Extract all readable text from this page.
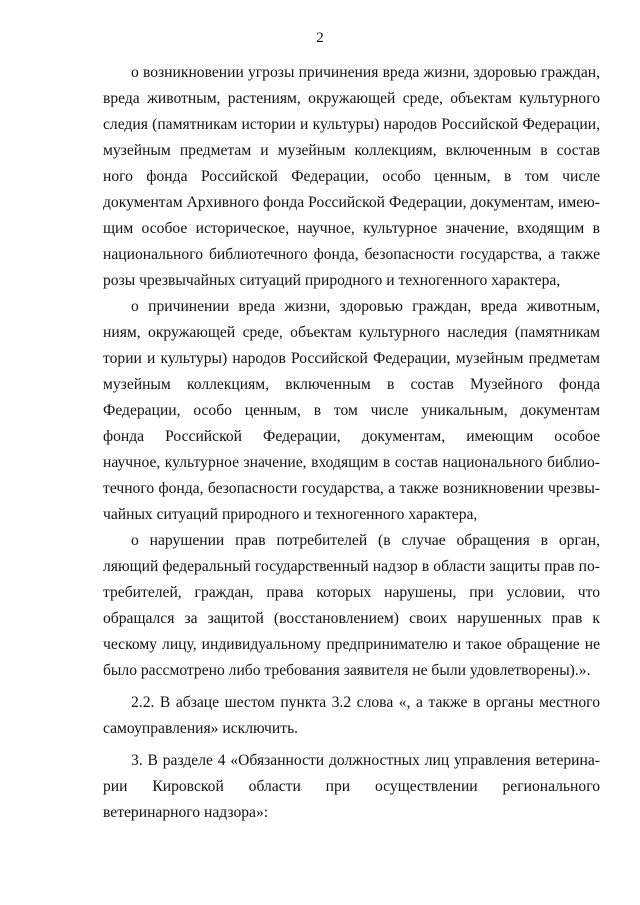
2
о возникновении угрозы причинения вреда жизни, здоровью граждан,
вреда животным, растениям, окружающей среде, объектам культурного
следия (памятникам истории и культуры) народов Российской Федерации,
музейным предметам и музейным коллекциям, включенным в состав
ного фонда Российской Федерации, особо ценным, в том числе
документам Архивного фонда Российской Федерации, документам, имею-
щим особое историческое, научное, культурное значение, входящим в
национального библиотечного фонда, безопасности государства, а также
розы чрезвычайных ситуаций природного и техногенного характера,
о причинении вреда жизни, здоровью граждан, вреда животным,
ниям, окружающей среде, объектам культурного наследия (памятникам
тории и культуры) народов Российской Федерации, музейным предметам
музейным коллекциям, включенным в состав Музейного фонда
Федерации, особо ценным, в том числе уникальным, документам
фонда Российской Федерации, документам, имеющим особое
научное, культурное значение, входящим в состав национального библио-
течного фонда, безопасности государства, а также возникновении чрезвы-
чайных ситуаций природного и техногенного характера,
о нарушении прав потребителей (в случае обращения в орган,
ляющий федеральный государственный надзор в области защиты прав по-
требителей, граждан, права которых нарушены, при условии, что
обращался за защитой (восстановлением) своих нарушенных прав к
ческому лицу, индивидуальному предпринимателю и такое обращение не
было рассмотрено либо требования заявителя не были удовлетворены).».
2.2. В абзаце шестом пункта 3.2 слова «, а также в органы местного
самоуправления» исключить.
3. В разделе 4 «Обязанности должностных лиц управления ветерина-
рии Кировской области при осуществлении регионального
ветеринарного надзора»:
